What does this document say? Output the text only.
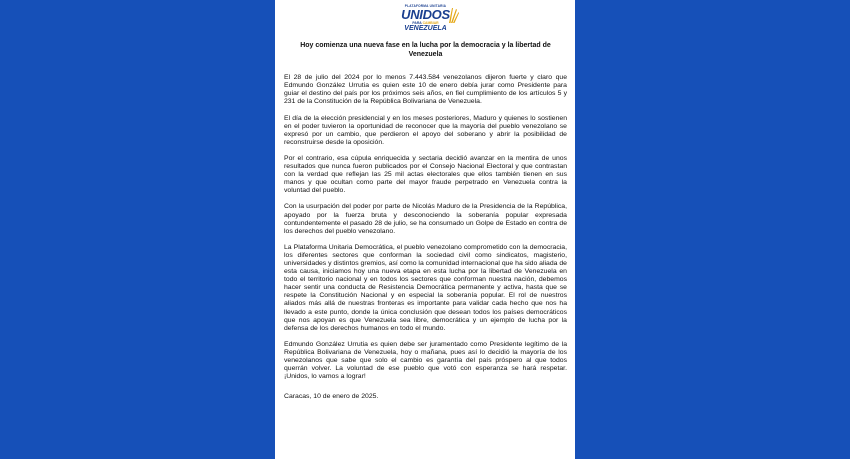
PLATAFORMA UNITARIA
UNIDOS
PARA CAMBIAR
VENEZUELA
Hoy comienza una nueva fase en la lucha por la democracia y la libertad de Venezuela

El 28 de julio del 2024 por lo menos 7.443.584 venezolanos dijeron fuerte y claro que Edmundo González Urrutia es quien este 10 de enero debía jurar como Presidente para guiar el destino del país por los próximos seis años, en fiel cumplimiento de los artículos 5 y 231 de la Constitución de la República Bolivariana de Venezuela.

El día de la elección presidencial y en los meses posteriores, Maduro y quienes lo sostienen en el poder tuvieron la oportunidad de reconocer que la mayoría del pueblo venezolano se expresó por un cambio, que perdieron el apoyo del soberano y abrir la posibilidad de reconstruirse desde la oposición.

Por el contrario, esa cúpula enriquecida y sectaria decidió avanzar en la mentira de unos resultados que nunca fueron publicados por el Consejo Nacional Electoral y que contrastan con la verdad que reflejan las 25 mil actas electorales que ellos también tienen en sus manos y que ocultan como parte del mayor fraude perpetrado en Venezuela contra la voluntad del pueblo.

Con la usurpación del poder por parte de Nicolás Maduro de la Presidencia de la República, apoyado por la fuerza bruta y desconociendo la soberanía popular expresada contundentemente el pasado 28 de julio, se ha consumado un Golpe de Estado en contra de los derechos del pueblo venezolano.

La Plataforma Unitaria Democrática, el pueblo venezolano comprometido con la democracia, los diferentes sectores que conforman la sociedad civil como sindicatos, magisterio, universidades y distintos gremios, así como la comunidad internacional que ha sido aliada de esta causa, iniciamos hoy una nueva etapa en esta lucha por la libertad de Venezuela en todo el territorio nacional y en todos los sectores que conforman nuestra nación, debemos hacer sentir una conducta de Resistencia Democrática permanente y activa, hasta que se respete la Constitución Nacional y en especial la soberanía popular. El rol de nuestros aliados más allá de nuestras fronteras es importante para validar cada hecho que nos ha llevado a este punto, donde la única conclusión que desean todos los países democráticos que nos apoyan es que Venezuela sea libre, democrática y un ejemplo de lucha por la defensa de los derechos humanos en todo el mundo.

Edmundo González Urrutia es quien debe ser juramentado como Presidente legítimo de la República Bolivariana de Venezuela, hoy o mañana, pues así lo decidió la mayoría de los venezolanos que sabe que solo el cambio es garantía del país próspero al que todos querrán volver. La voluntad de ese pueblo que votó con esperanza se hará respetar. ¡Unidos, lo vamos a lograr!

Caracas, 10 de enero de 2025.
